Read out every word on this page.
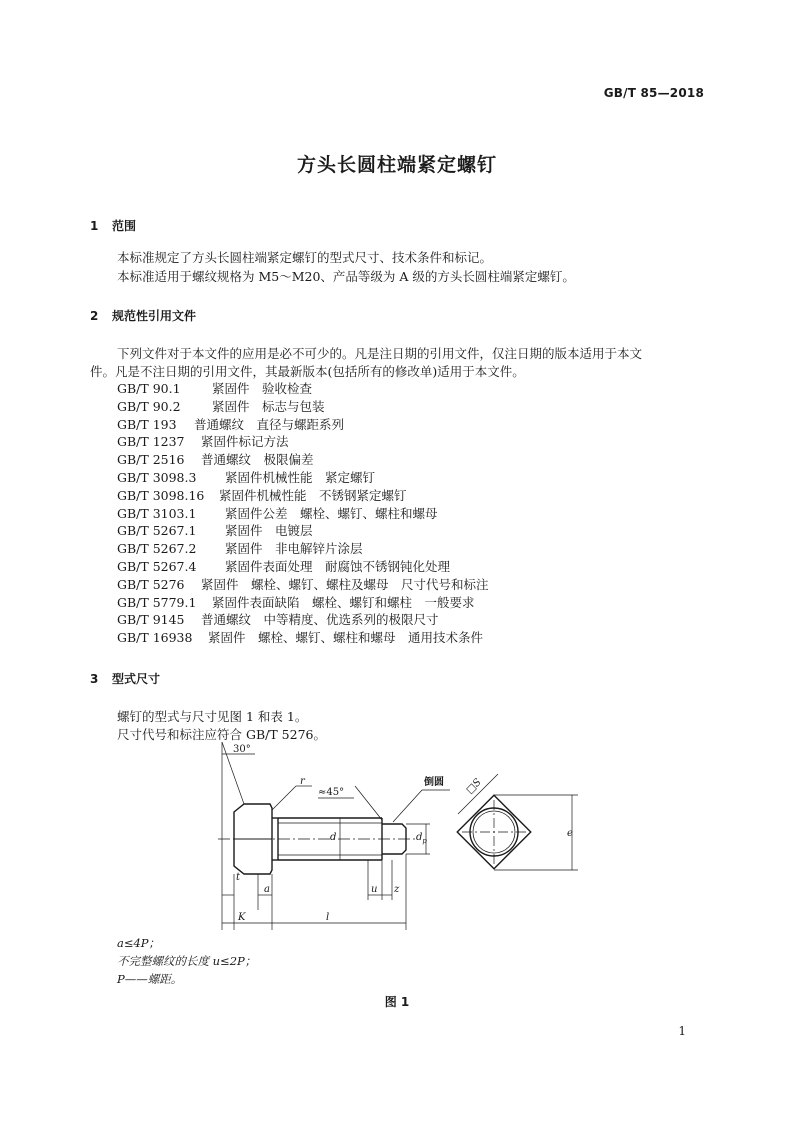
GB/T 85—2018
方头长圆柱端紧定螺钉
1 范围
本标准规定了方头长圆柱端紧定螺钉的型式尺寸、技术条件和标记。
本标准适用于螺纹规格为 M5～M20、产品等级为 A 级的方头长圆柱端紧定螺钉。
2 规范性引用文件
下列文件对于本文件的应用是必不可少的。凡是注日期的引用文件，仅注日期的版本适用于本文
件。凡是不注日期的引用文件，其最新版本(包括所有的修改单)适用于本文件。
GB/T 90.1	紧固件　验收检查
GB/T 90.2	紧固件　标志与包装
GB/T 193 普通螺纹　直径与螺距系列
GB/T 1237 紧固件标记方法
GB/T 2516 普通螺纹　极限偏差
GB/T 3098.3 紧固件机械性能　紧定螺钉
GB/T 3098.16 紧固件机械性能　不锈钢紧定螺钉
GB/T 3103.1 紧固件公差　螺栓、螺钉、螺柱和螺母
GB/T 5267.1 紧固件　电镀层
GB/T 5267.2 紧固件　非电解锌片涂层
GB/T 5267.4 紧固件表面处理　耐腐蚀不锈钢钝化处理
GB/T 5276 紧固件　螺栓、螺钉、螺柱及螺母　尺寸代号和标注
GB/T 5779.1 紧固件表面缺陷　螺栓、螺钉和螺柱　一般要求
GB/T 9145 普通螺纹　中等精度、优选系列的极限尺寸
GB/T 16938 紧固件　螺栓、螺钉、螺柱和螺母　通用技术条件
3 型式尺寸
螺钉的型式与尺寸见图 1 和表 1。
尺寸代号和标注应符合 GB/T 5276。
30°
≈45°
倒圆
r
d	$d_p$
t
a	u z
K	l
□S
e
a≤4P；
不完整螺纹的长度 u≤2P；
P——螺距。
图 1
1
